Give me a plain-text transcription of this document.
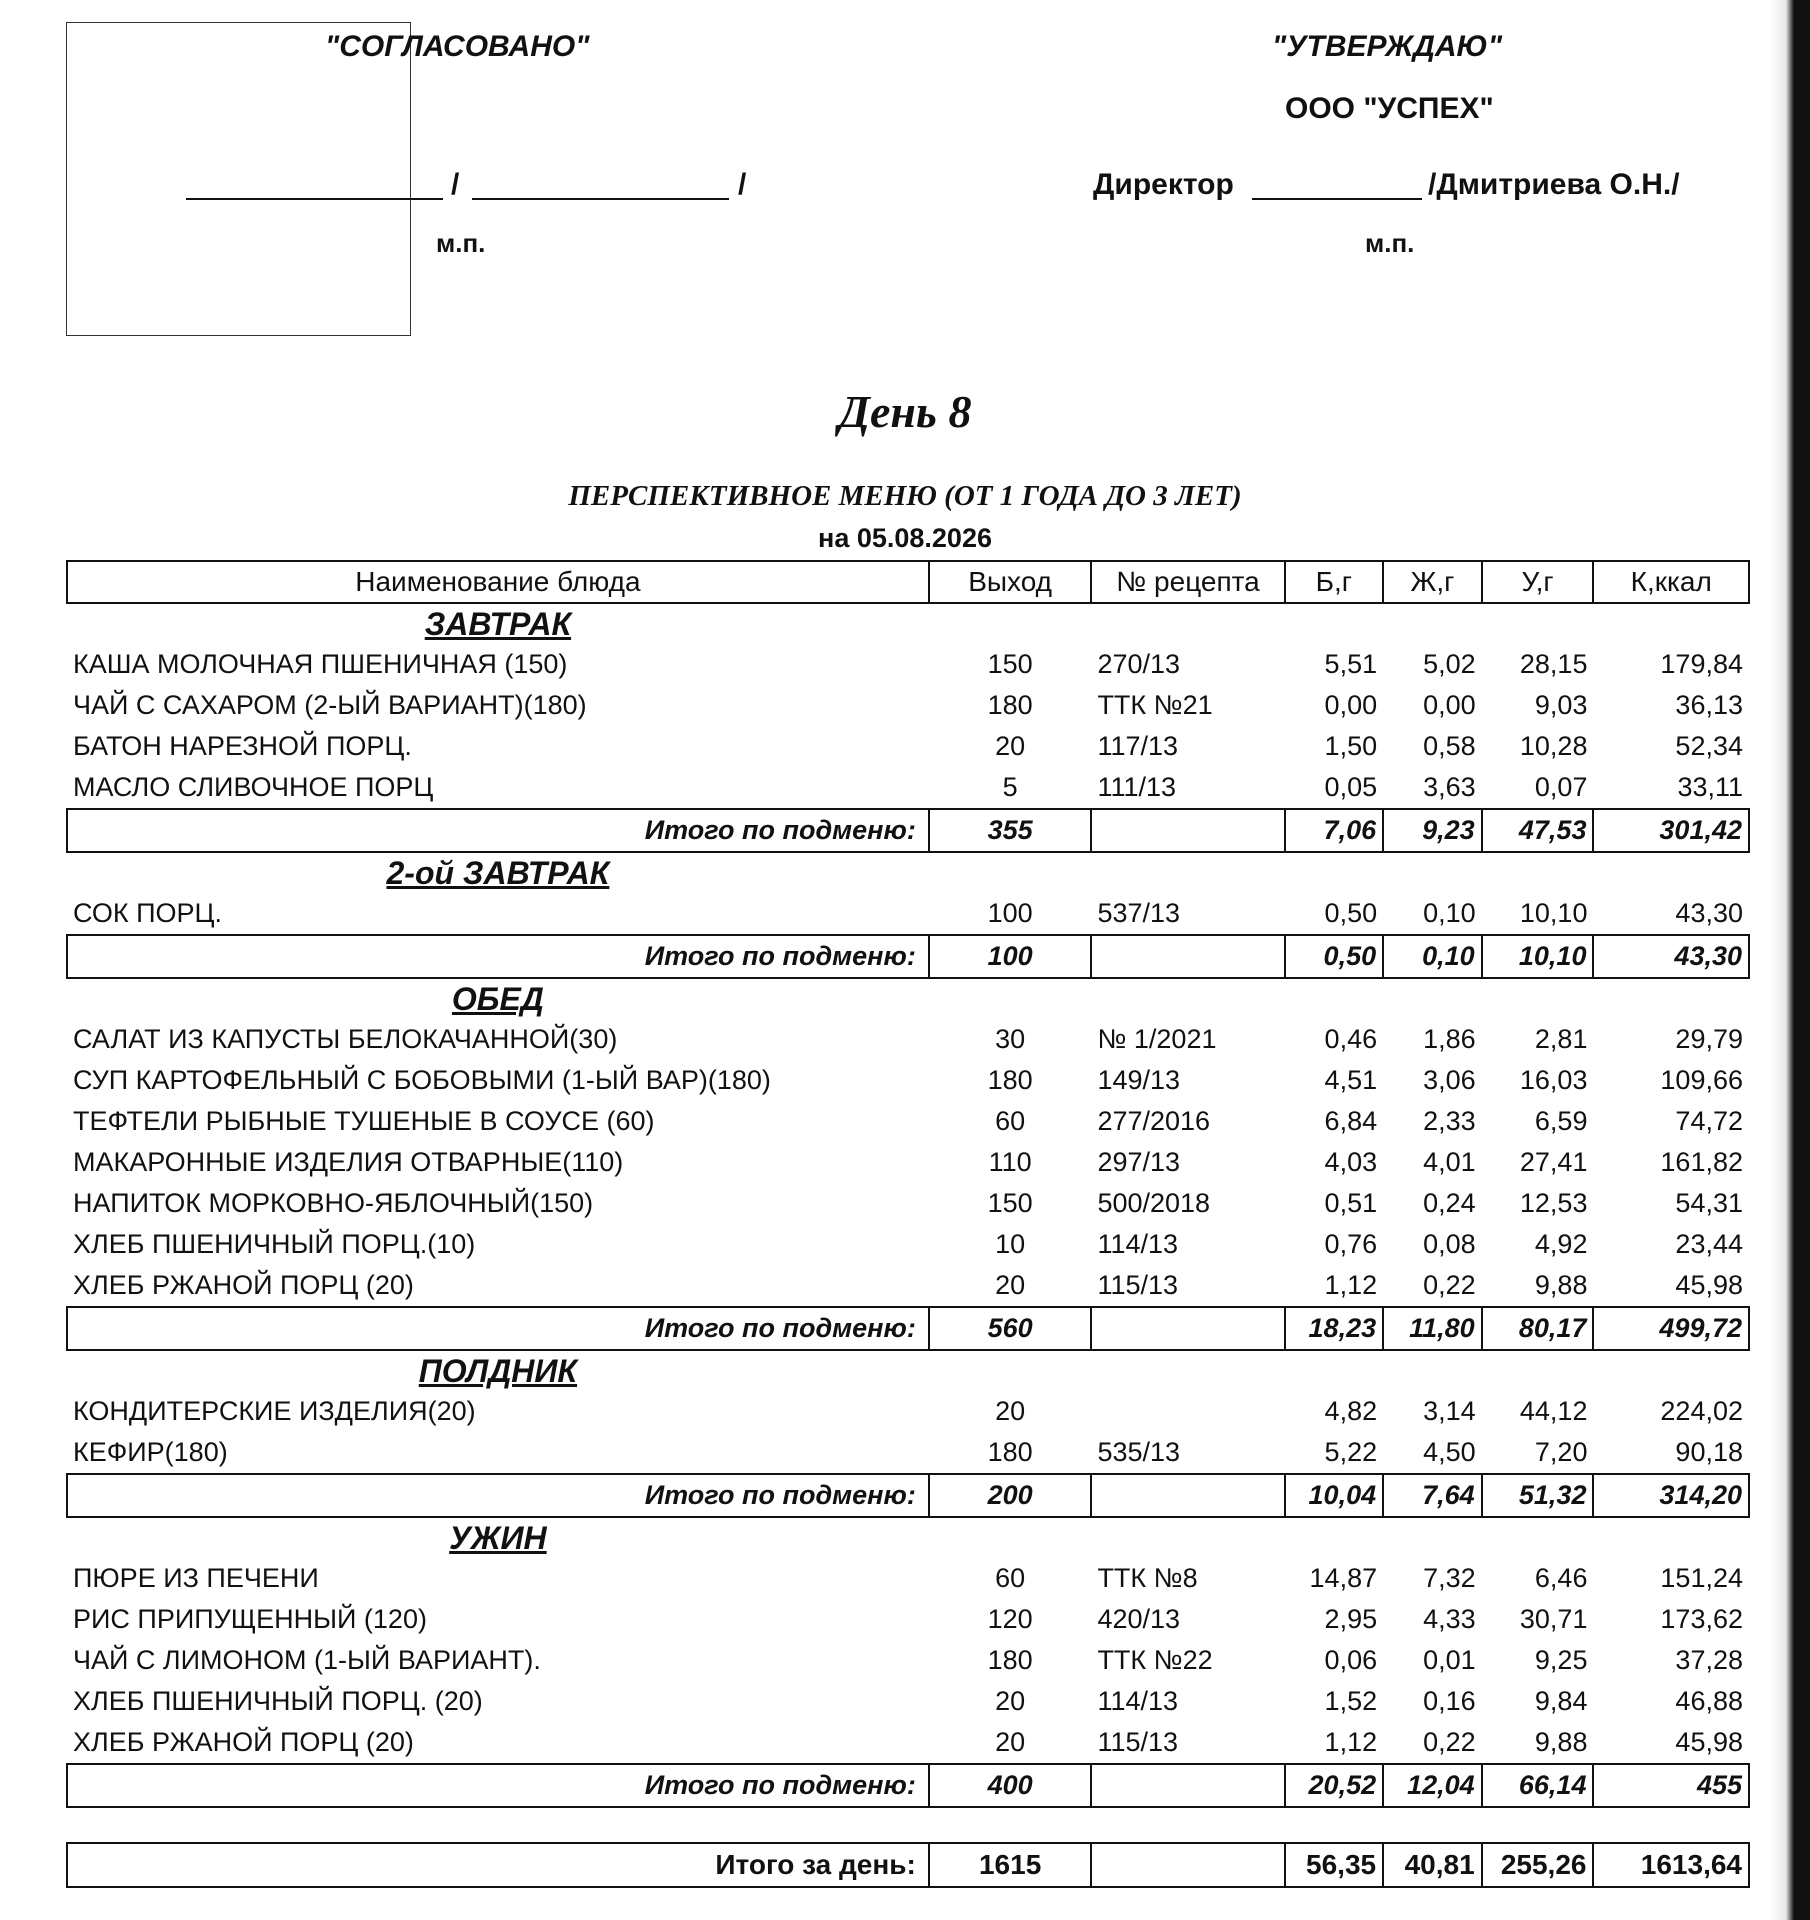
"СОГЛАСОВАНО"	"УТВЕРЖДАЮ"
ООО "УСПЕХ"
/	/	Директор	/Дмитриева О.Н./
м.п.	м.п.
День 8
ПЕРСПЕКТИВНОЕ МЕНЮ (ОТ 1 ГОДА ДО 3 ЛЕТ)
на 05.08.2026
Наименование блюда	Выход	№ рецепта	Б,г	Ж,г	У,г	К,ккал
ЗАВТРАК						
КАША МОЛОЧНАЯ ПШЕНИЧНАЯ (150)	150	270/13	5,51	5,02	28,15	179,84
ЧАЙ С САХАРОМ (2-ЫЙ ВАРИАНТ)(180)	180	ТТК №21	0,00	0,00	9,03	36,13
БАТОН НАРЕЗНОЙ ПОРЦ.	20	117/13	1,50	0,58	10,28	52,34
МАСЛО СЛИВОЧНОЕ ПОРЦ	5	111/13	0,05	3,63	0,07	33,11
Итого по подменю:	355		7,06	9,23	47,53	301,42
2-ой ЗАВТРАК						
СОК ПОРЦ.	100	537/13	0,50	0,10	10,10	43,30
Итого по подменю:	100		0,50	0,10	10,10	43,30
ОБЕД						
САЛАТ ИЗ КАПУСТЫ БЕЛОКАЧАННОЙ(30)	30	№ 1/2021	0,46	1,86	2,81	29,79
СУП КАРТОФЕЛЬНЫЙ С БОБОВЫМИ (1-ЫЙ ВАР)(180)	180	149/13	4,51	3,06	16,03	109,66
ТЕФТЕЛИ РЫБНЫЕ ТУШЕНЫЕ В СОУСЕ (60)	60	277/2016	6,84	2,33	6,59	74,72
МАКАРОННЫЕ ИЗДЕЛИЯ ОТВАРНЫЕ(110)	110	297/13	4,03	4,01	27,41	161,82
НАПИТОК МОРКОВНО-ЯБЛОЧНЫЙ(150)	150	500/2018	0,51	0,24	12,53	54,31
ХЛЕБ ПШЕНИЧНЫЙ ПОРЦ.(10)	10	114/13	0,76	0,08	4,92	23,44
ХЛЕБ РЖАНОЙ ПОРЦ (20)	20	115/13	1,12	0,22	9,88	45,98
Итого по подменю:	560		18,23	11,80	80,17	499,72
ПОЛДНИК						
КОНДИТЕРСКИЕ ИЗДЕЛИЯ(20)	20		4,82	3,14	44,12	224,02
КЕФИР(180)	180	535/13	5,22	4,50	7,20	90,18
Итого по подменю:	200		10,04	7,64	51,32	314,20
УЖИН						
ПЮРЕ ИЗ ПЕЧЕНИ	60	ТТК №8	14,87	7,32	6,46	151,24
РИС ПРИПУЩЕННЫЙ (120)	120	420/13	2,95	4,33	30,71	173,62
ЧАЙ С ЛИМОНОМ (1-ЫЙ ВАРИАНТ).	180	ТТК №22	0,06	0,01	9,25	37,28
ХЛЕБ ПШЕНИЧНЫЙ ПОРЦ. (20)	20	114/13	1,52	0,16	9,84	46,88
ХЛЕБ РЖАНОЙ ПОРЦ (20)	20	115/13	1,12	0,22	9,88	45,98
Итого по подменю:	400		20,52	12,04	66,14	455

Итого за день:	1615		56,35	40,81	255,26	1613,64
